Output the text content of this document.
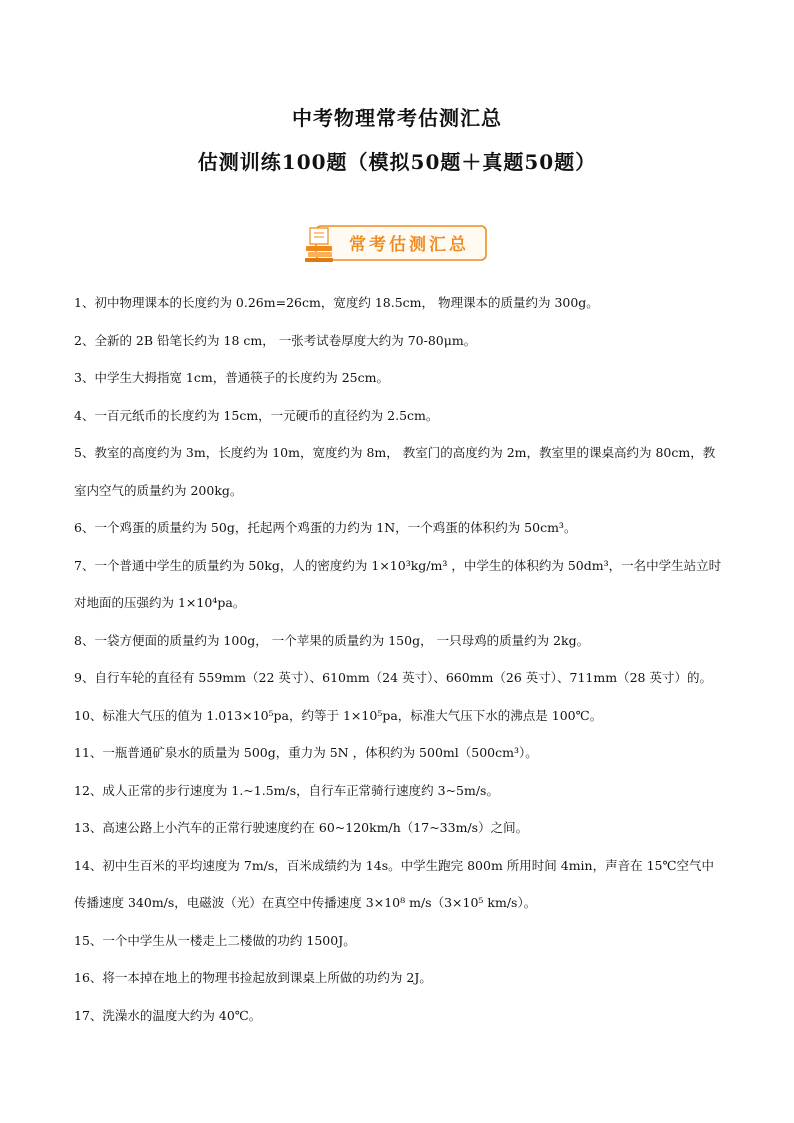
中考物理常考估测汇总
估测训练100题（模拟50题＋真题50题）
常考估测汇总
1、初中物理课本的长度约为 0.26m=26cm，宽度约 18.5cm， 物理课本的质量约为 300g。
2、全新的 2B 铅笔长约为 18 cm， 一张考试卷厚度大约为 70-80μm。
3、中学生大拇指宽 1cm，普通筷子的长度约为 25cm。
4、一百元纸币的长度约为 15cm，一元硬币的直径约为 2.5cm。
5、教室的高度约为 3m，长度约为 10m，宽度约为 8m， 教室门的高度约为 2m，教室里的课桌高约为 80cm，教室内空气的质量约为 200kg。
6、一个鸡蛋的质量约为 50g，托起两个鸡蛋的力约为 1N，一个鸡蛋的体积约为 50cm³。
7、一个普通中学生的质量约为 50kg，人的密度约为 1×10³kg/m³ ，中学生的体积约为 50dm³，一名中学生站立时对地面的压强约为 1×10⁴pa。
8、一袋方便面的质量约为 100g， 一个苹果的质量约为 150g， 一只母鸡的质量约为 2kg。
9、自行车轮的直径有 559mm（22 英寸）、610mm（24 英寸）、660mm（26 英寸）、711mm（28 英寸）的。
10、标准大气压的值为 1.013×10⁵pa，约等于 1×10⁵pa，标准大气压下水的沸点是 100℃。
11、一瓶普通矿泉水的质量为 500g，重力为 5N ，体积约为 500ml（500cm³）。
12、成人正常的步行速度为 1.~1.5m/s，自行车正常骑行速度约 3~5m/s。
13、高速公路上小汽车的正常行驶速度约在 60~120km/h（17~33m/s）之间。
14、初中生百米的平均速度为 7m/s，百米成绩约为 14s。中学生跑完 800m 所用时间 4min，声音在 15℃空气中传播速度 340m/s，电磁波（光）在真空中传播速度 3×10⁸ m/s（3×10⁵ km/s）。
15、一个中学生从一楼走上二楼做的功约 1500J。
16、将一本掉在地上的物理书捡起放到课桌上所做的功约为 2J。
17、洗澡水的温度大约为 40℃。
